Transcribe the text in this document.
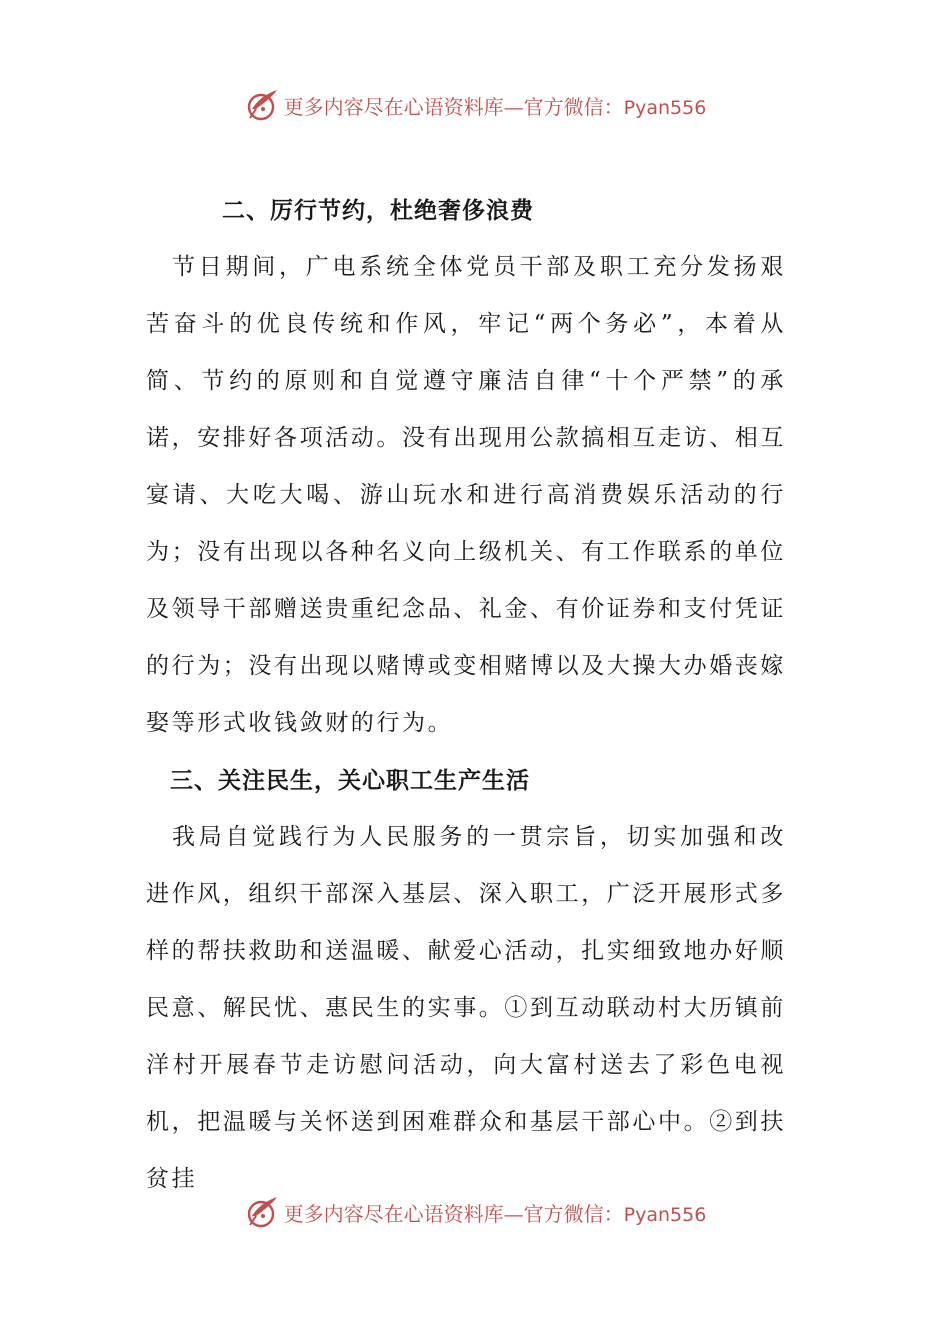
更多内容尽在心语资料库—官方微信：Pyan556
二、厉行节约，杜绝奢侈浪费

节日期间，广电系统全体党员干部及职工充分发扬艰苦奋斗的优良传统和作风，牢记“两个务必”，本着从简、节约的原则和自觉遵守廉洁自律“十个严禁”的承诺，安排好各项活动。没有出现用公款搞相互走访、相互宴请、大吃大喝、游山玩水和进行高消费娱乐活动的行为；没有出现以各种名义向上级机关、有工作联系的单位及领导干部赠送贵重纪念品、礼金、有价证券和支付凭证的行为；没有出现以赌博或变相赌博以及大操大办婚丧嫁娶等形式收钱敛财的行为。

三、关注民生，关心职工生产生活

我局自觉践行为人民服务的一贯宗旨，切实加强和改进作风，组织干部深入基层、深入职工，广泛开展形式多样的帮扶救助和送温暖、献爱心活动，扎实细致地办好顺民意、解民忧、惠民生的实事。①到互动联动村大历镇前洋村开展春节走访慰问活动，向大富村送去了彩色电视机，把温暖与关怀送到困难群众和基层干部心中。②到扶贫挂

更多内容尽在心语资料库—官方微信：Pyan556
